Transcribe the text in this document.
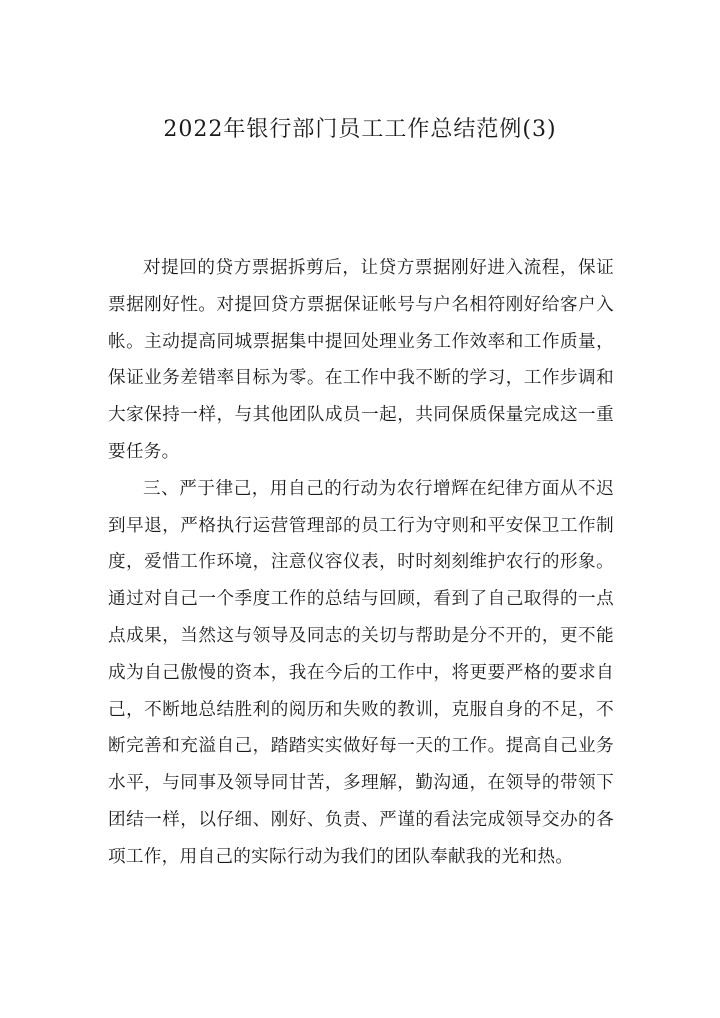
2022年银行部门员工工作总结范例(3)

对提回的贷方票据拆剪后，让贷方票据刚好进入流程，保证票据刚好性。对提回贷方票据保证帐号与户名相符刚好给客户入帐。主动提高同城票据集中提回处理业务工作效率和工作质量，保证业务差错率目标为零。在工作中我不断的学习，工作步调和大家保持一样，与其他团队成员一起，共同保质保量完成这一重要任务。

三、严于律己，用自己的行动为农行增辉在纪律方面从不迟到早退，严格执行运营管理部的员工行为守则和平安保卫工作制度，爱惜工作环境，注意仪容仪表，时时刻刻维护农行的形象。通过对自己一个季度工作的总结与回顾，看到了自己取得的一点点成果，当然这与领导及同志的关切与帮助是分不开的，更不能成为自己傲慢的资本，我在今后的工作中，将更要严格的要求自己，不断地总结胜利的阅历和失败的教训，克服自身的不足，不断完善和充溢自己，踏踏实实做好每一天的工作。提高自己业务水平，与同事及领导同甘苦，多理解，勤沟通，在领导的带领下团结一样，以仔细、刚好、负责、严谨的看法完成领导交办的各项工作，用自己的实际行动为我们的团队奉献我的光和热。
